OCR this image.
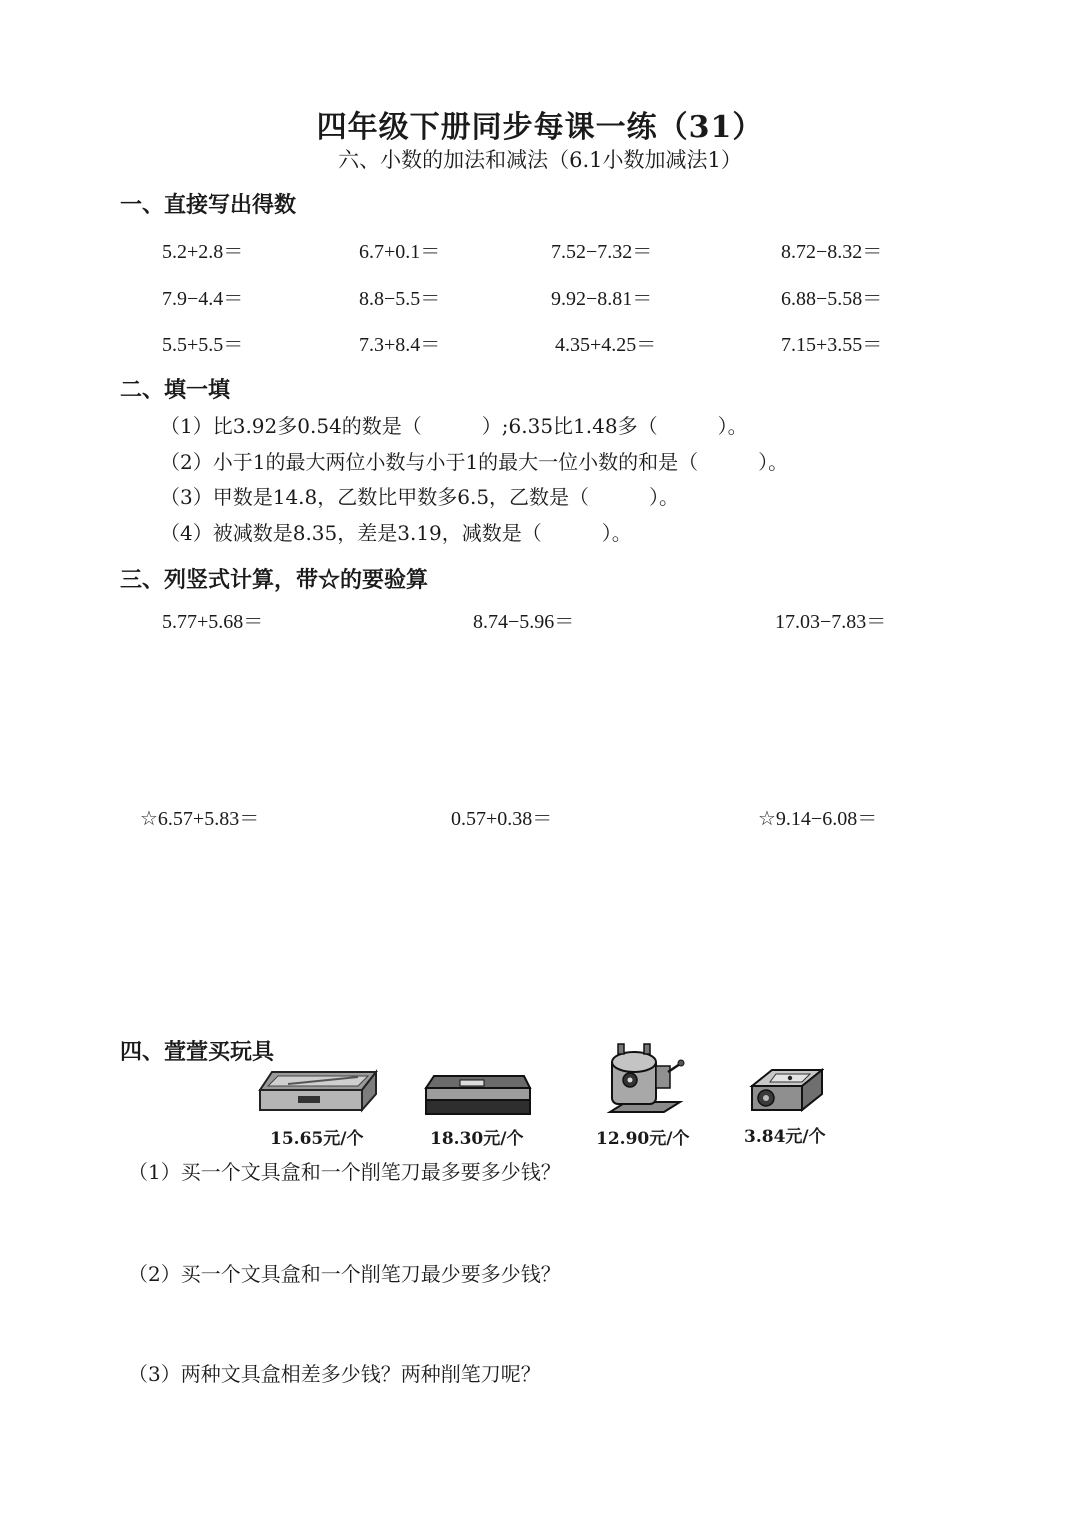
四年级下册同步每课一练（31）
六、小数的加法和减法（6.1小数加减法1）
一、直接写出得数
5.2+2.8＝	6.7+0.1＝	7.52−7.32＝	8.72−8.32＝
7.9−4.4＝	8.8−5.5＝	9.92−8.81＝	6.88−5.58＝
5.5+5.5＝	7.3+8.4＝	4.35+4.25＝	7.15+3.55＝
二、填一填
（1）比3.92多0.54的数是（　　　）;6.35比1.48多（　　　）。
（2）小于1的最大两位小数与小于1的最大一位小数的和是（　　　）。
（3）甲数是14.8，乙数比甲数多6.5，乙数是（　　　）。
（4）被减数是8.35，差是3.19，减数是（　　　）。
三、列竖式计算，带☆的要验算
5.77+5.68＝	8.74−5.96＝	17.03−7.83＝
☆6.57+5.83＝	0.57+0.38＝	☆9.14−6.08＝
四、萱萱买玩具
15.65元/个	18.30元/个	12.90元/个	3.84元/个
（1）买一个文具盒和一个削笔刀最多要多少钱？
（2）买一个文具盒和一个削笔刀最少要多少钱？
（3）两种文具盒相差多少钱？两种削笔刀呢？
